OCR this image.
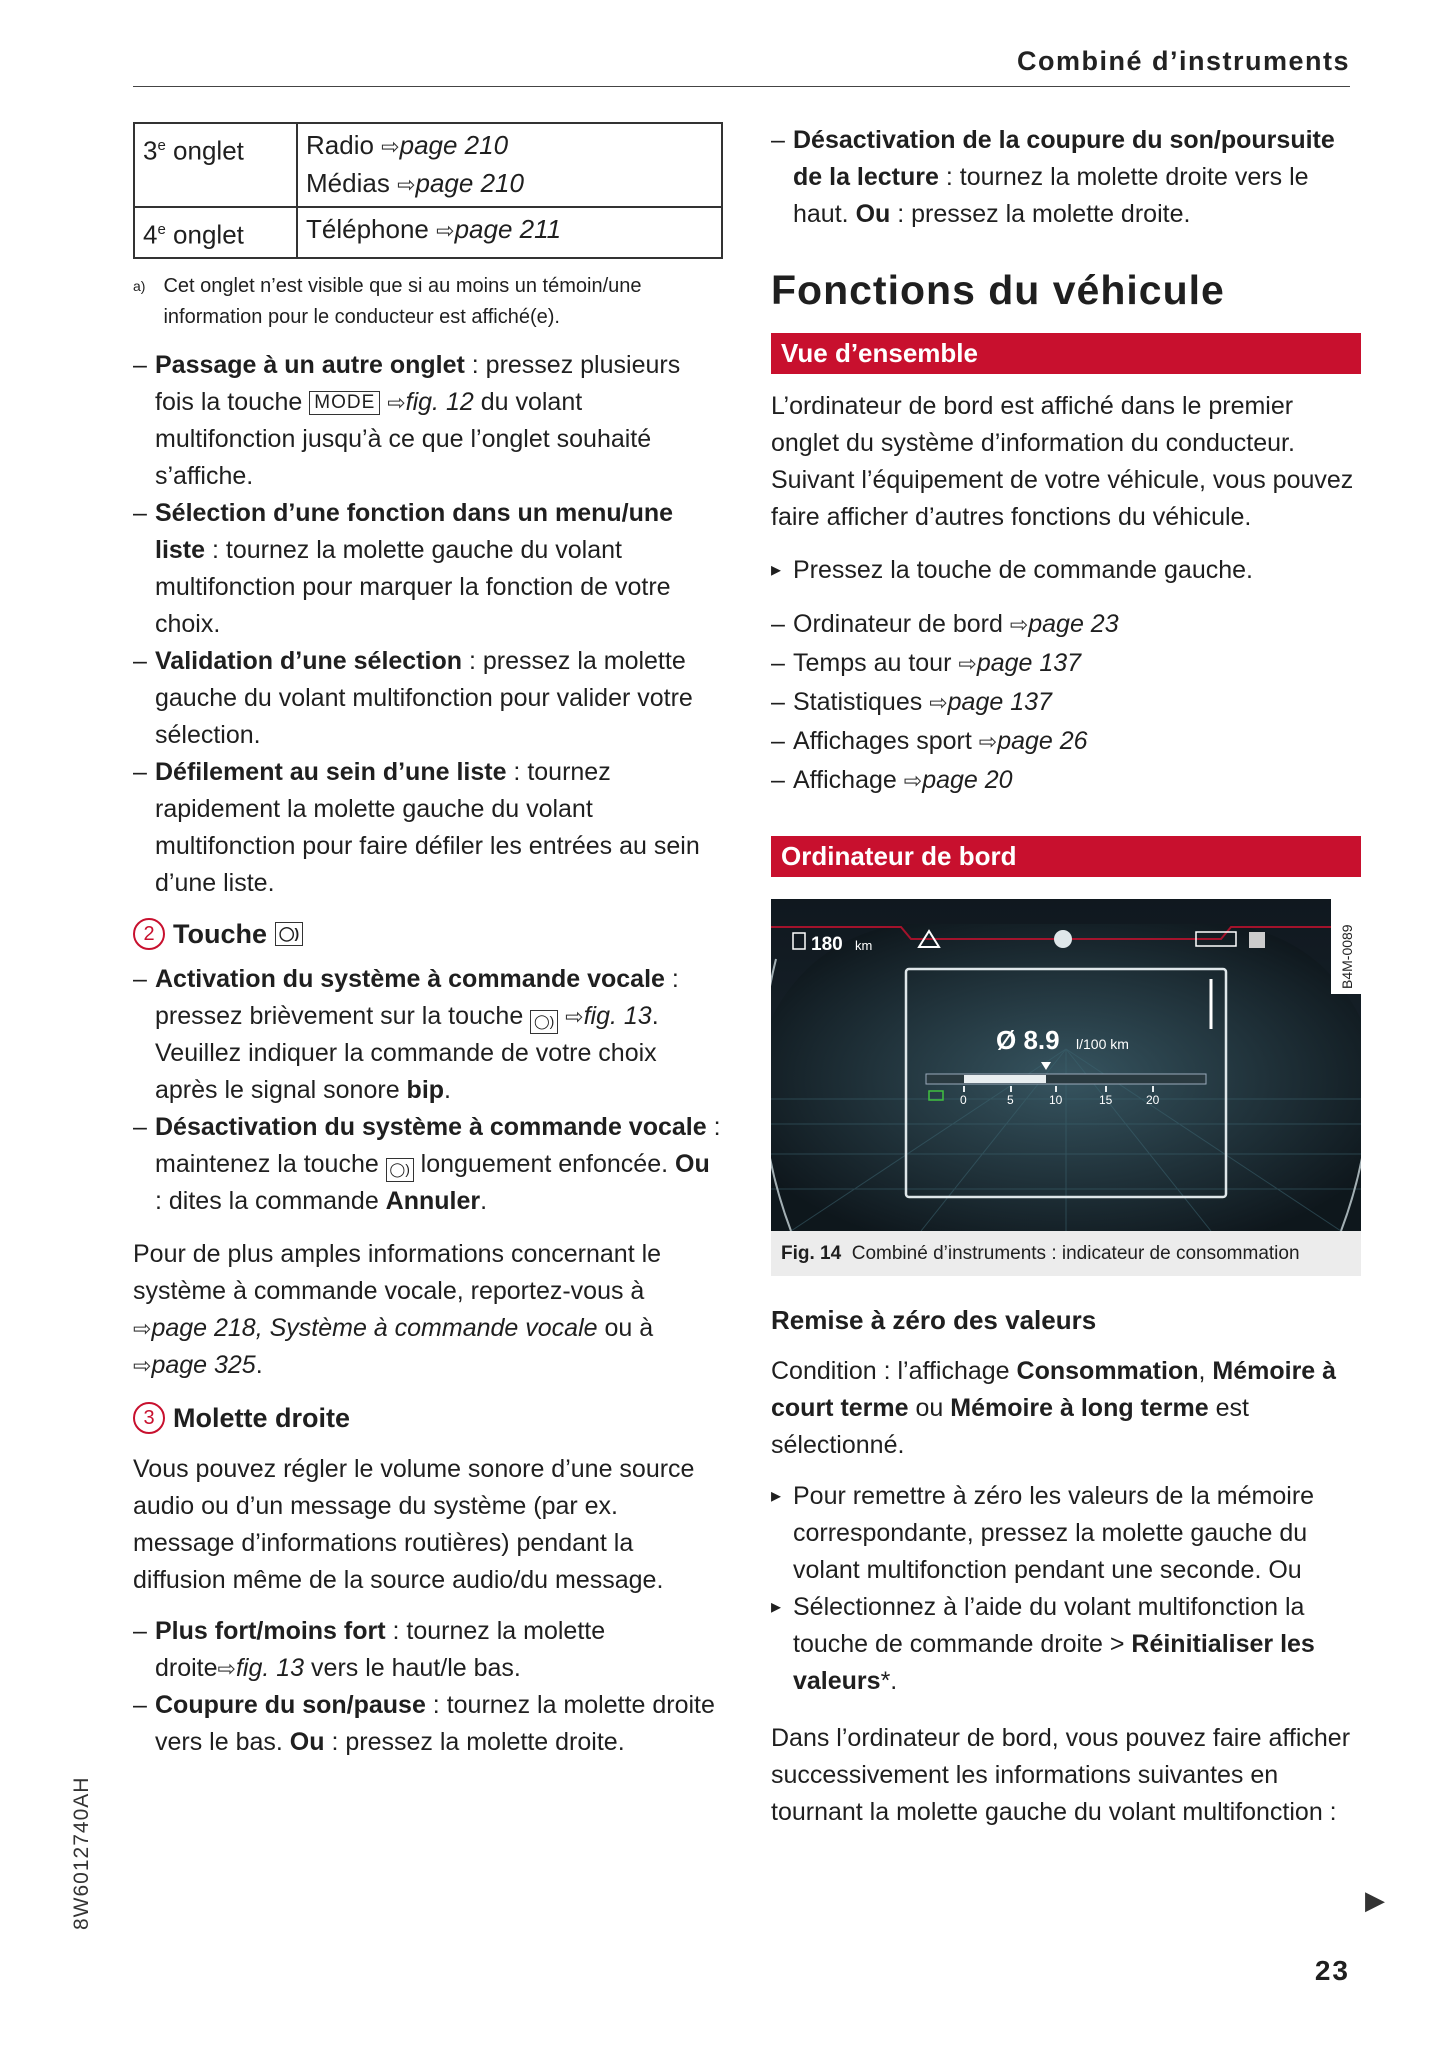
Combiné d’instruments
3e onglet	Radio ⇨page 210
Médias ⇨page 210

4e onglet	Téléphone ⇨page 211
a) Cet onglet n’est visible que si au moins un témoin/une information pour le conducteur est affiché(e).
– Passage à un autre onglet : pressez plusieurs fois la touche MODE ⇨fig. 12 du volant multifonction jusqu’à ce que l’onglet souhaité s’affiche.
– Sélection d’une fonction dans un menu/une liste : tournez la molette gauche du volant multifonction pour marquer la fonction de votre choix.
– Validation d’une sélection : pressez la molette gauche du volant multifonction pour valider votre sélection.
– Défilement au sein d’une liste : tournez rapidement la molette gauche du volant multifonction pour faire défiler les entrées au sein d’une liste.
2 Touche ◯)
– Activation du système à commande vocale : pressez brièvement sur la touche ◯) ⇨fig. 13. Veuillez indiquer la commande de votre choix après le signal sonore bip.
– Désactivation du système à commande vocale : maintenez la touche ◯) longuement enfoncée. Ou : dites la commande Annuler.

Pour de plus amples informations concernant le système à commande vocale, reportez-vous à ⇨page 218, Système à commande vocale ou à ⇨page 325.

3 Molette droite

Vous pouvez régler le volume sonore d’une source audio ou d’un message du système (par ex. message d’informations routières) pendant la diffusion même de la source audio/du message.

– Plus fort/moins fort : tournez la molette droite⇨fig. 13 vers le haut/le bas.
– Coupure du son/pause : tournez la molette droite vers le bas. Ou : pressez la molette droite.
– Désactivation de la coupure du son/poursuite de la lecture : tournez la molette droite vers le haut. Ou : pressez la molette droite.
Fonctions du véhicule
Vue d’ensemble

L’ordinateur de bord est affiché dans le premier onglet du système d’information du conducteur. Suivant l’équipement de votre véhicule, vous pouvez faire afficher d’autres fonctions du véhicule.

▸ Pressez la touche de commande gauche.
– Ordinateur de bord ⇨page 23
– Temps au tour ⇨page 137
– Statistiques ⇨page 137
– Affichages sport ⇨page 26
– Affichage ⇨page 20
Ordinateur de bord
180 km
Ø 8.9 l/100 km
0	5	10	15	20
B4M-0089
Fig. 14 Combiné d’instruments : indicateur de consommation
Remise à zéro des valeurs

Condition : l’affichage Consommation, Mémoire à court terme ou Mémoire à long terme est sélectionné.

▸ Pour remettre à zéro les valeurs de la mémoire correspondante, pressez la molette gauche du volant multifonction pendant une seconde. Ou
▸ Sélectionnez à l’aide du volant multifonction la touche de commande droite > Réinitialiser les valeurs*.

Dans l’ordinateur de bord, vous pouvez faire afficher successivement les informations suivantes en tournant la molette gauche du volant multifonction :

▶
23
8W6012740AH
